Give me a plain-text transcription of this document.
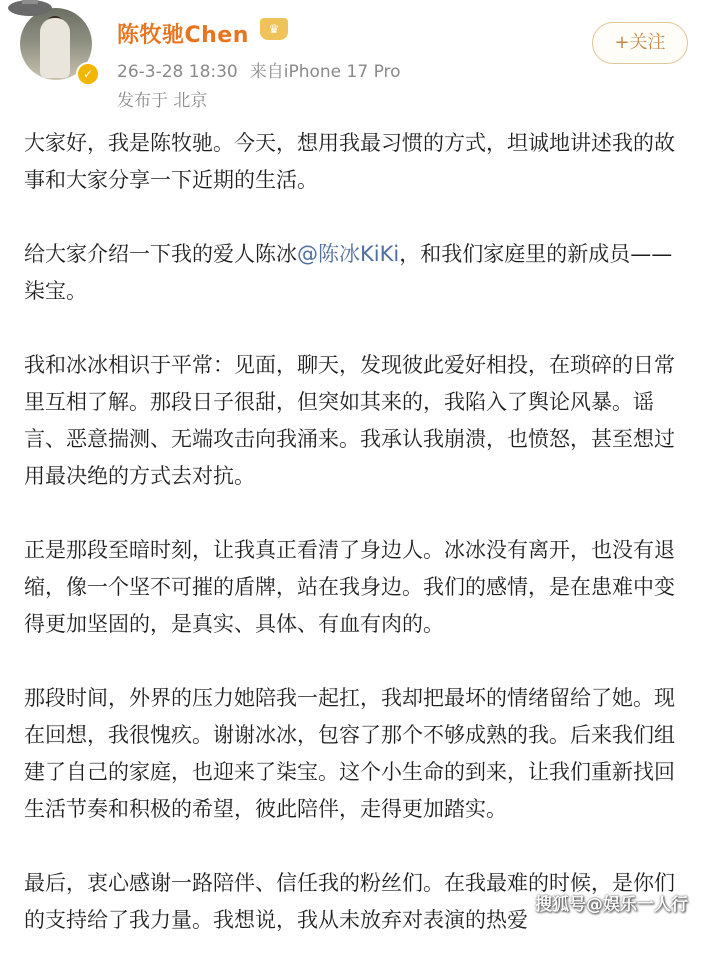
✓
陈牧驰Chen	♛
26-3-28 18:30 来自iPhone 17 Pro
发布于 北京
+关注

大家好，我是陈牧驰。今天，想用我最习惯的方式，坦诚地讲述我的故事和大家分享一下近期的生活。

给大家介绍一下我的爱人陈冰@陈冰KiKi，和我们家庭里的新成员——柒宝。

我和冰冰相识于平常：见面，聊天，发现彼此爱好相投，在琐碎的日常里互相了解。那段日子很甜，但突如其来的，我陷入了舆论风暴。谣言、恶意揣测、无端攻击向我涌来。我承认我崩溃，也愤怒，甚至想过用最决绝的方式去对抗。

正是那段至暗时刻，让我真正看清了身边人。冰冰没有离开，也没有退缩，像一个坚不可摧的盾牌，站在我身边。我们的感情，是在患难中变得更加坚固的，是真实、具体、有血有肉的。

那段时间，外界的压力她陪我一起扛，我却把最坏的情绪留给了她。现在回想，我很愧疚。谢谢冰冰，包容了那个不够成熟的我。后来我们组建了自己的家庭，也迎来了柒宝。这个小生命的到来，让我们重新找回生活节奏和积极的希望，彼此陪伴，走得更加踏实。

最后，衷心感谢一路陪伴、信任我的粉丝们。在我最难的时候，是你们的支持给了我力量。我想说，我从未放弃对表演的热爱

搜狐号@娱乐一人行
